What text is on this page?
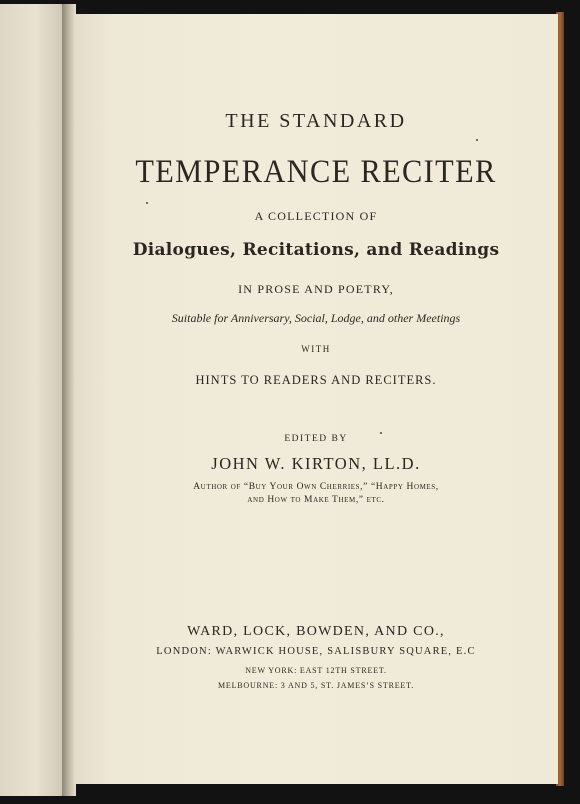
THE STANDARD
TEMPERANCE RECITER
A COLLECTION OF
Dialogues, Recitations, and Readings
IN PROSE AND POETRY,
Suitable for Anniversary, Social, Lodge, and other Meetings
WITH
HINTS TO READERS AND RECITERS.
EDITED BY
JOHN W. KIRTON, LL.D.
Author of “Buy Your Own Cherries,” “Happy Homes,
and How to Make Them,” etc.
WARD, LOCK, BOWDEN, AND CO.,
LONDON: WARWICK HOUSE, SALISBURY SQUARE, E.C
NEW YORK: EAST 12TH STREET.
MELBOURNE: 3 AND 5, ST. JAMES’S STREET.
